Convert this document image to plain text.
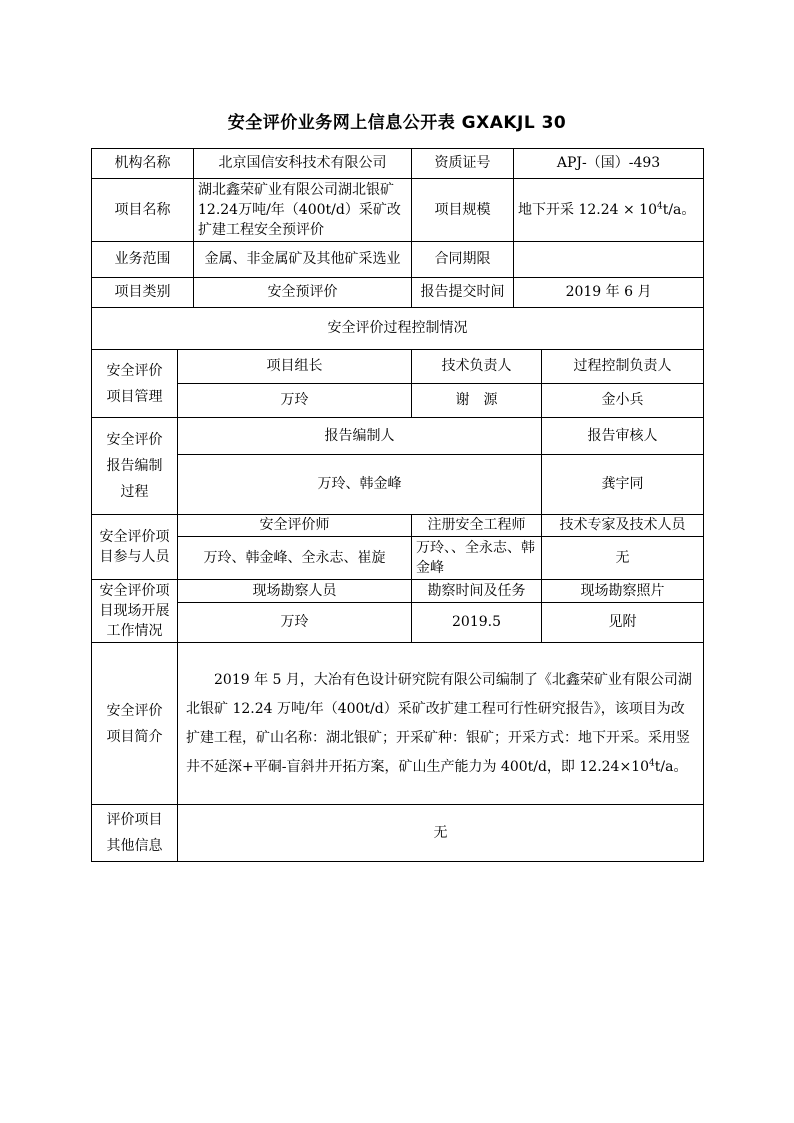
安全评价业务网上信息公开表 GXAKJL 30
机构名称		北京国信安科技术有限公司	资质证号	APJ-（国）-493	
项目名称		湖北鑫荣矿业有限公司湖北银矿12.24万吨/年（400t/d）采矿改扩建工程安全预评价	项目规模	地下开采 $12.24 \times 10^4t/a$。	
业务范围		金属、非金属矿及其他矿采选业	合同期限		
项目类别		安全预评价	报告提交时间	2019 年 6 月	
安全评价过程控制情况					
安全评价项目管理	项目组长		技术负责人		过程控制负责人
	万玲		谢　源		金小兵
安全评价报告编制过程	报告编制人				报告审核人
	万玲、韩金峰				龚宇同
安全评价项目参与人员	安全评价师		注册安全工程师		技术专家及技术人员
	万玲、韩金峰、全永志、崔旋		万玲、、全永志、韩金峰		无
安全评价项目现场开展工作情况	现场勘察人员		勘察时间及任务		现场勘察照片
	万玲		2019.5		见附
安全评价项目简介	2019 年 5 月，大冶有色设计研究院有限公司编制了《北鑫荣矿业有限公司湖北银矿 12.24 万吨/年（400t/d）采矿改扩建工程可行性研究报告》，该项目为改扩建工程，矿山名称：湖北银矿；开采矿种：银矿；开采方式：地下开采。采用竖井不延深+平硐-盲斜井开拓方案，矿山生产能力为 400t/d，即 $12.24\times 10^4t/a$。				
评价项目其他信息	无				
